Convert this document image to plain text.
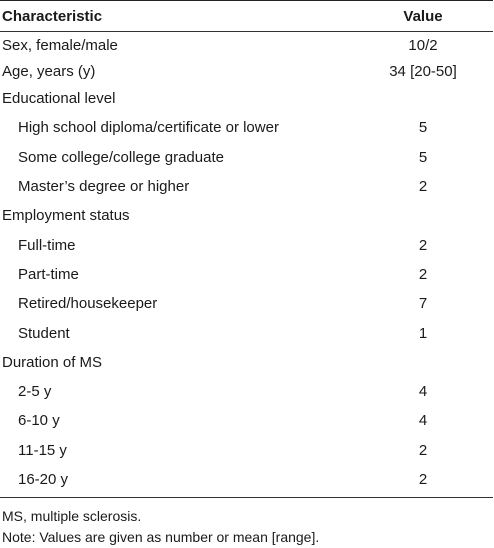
Characteristic	Value
Sex, female/male	10/2
Age, years (y)	34 [20-50]
Educational level
High school diploma/certificate or lower	5
Some college/college graduate	5
Master’s degree or higher	2
Employment status
Full-time	2
Part-time	2
Retired/housekeeper	7
Student	1
Duration of MS
2-5 y	4
6-10 y	4
11-15 y	2
16-20 y	2
MS, multiple sclerosis.
Note: Values are given as number or mean [range].
